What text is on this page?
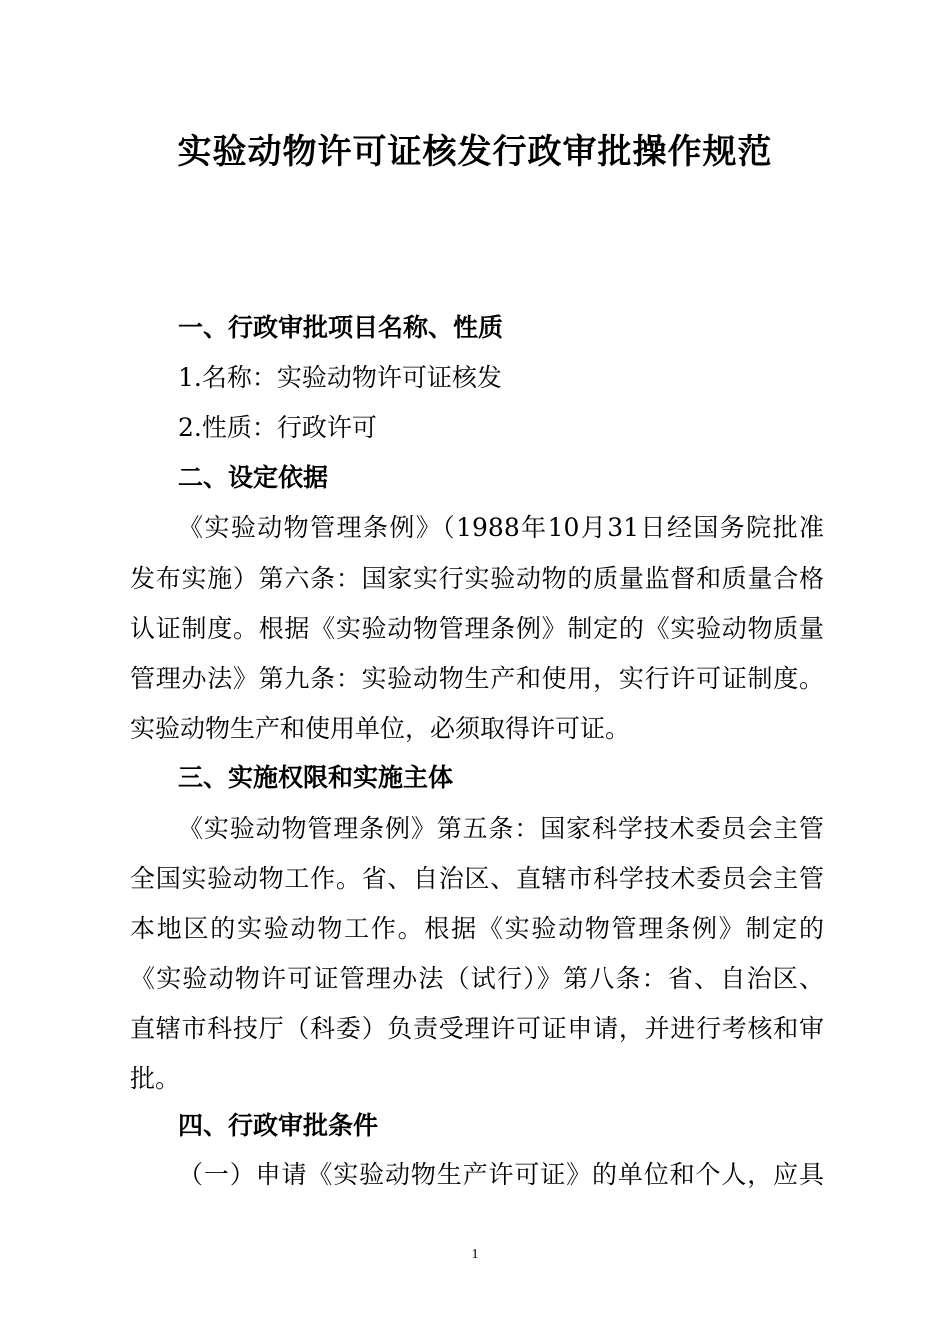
实验动物许可证核发行政审批操作规范

一、行政审批项目名称、性质

1.名称：实验动物许可证核发

2.性质：行政许可

二、设定依据

《实验动物管理条例》（1988年10月31日经国务院批准

发布实施）第六条：国家实行实验动物的质量监督和质量合格

认证制度。根据《实验动物管理条例》制定的《实验动物质量

管理办法》第九条：实验动物生产和使用，实行许可证制度。

实验动物生产和使用单位，必须取得许可证。

三、实施权限和实施主体

《实验动物管理条例》第五条：国家科学技术委员会主管

全国实验动物工作。省、自治区、直辖市科学技术委员会主管

本地区的实验动物工作。根据《实验动物管理条例》制定的

《实验动物许可证管理办法（试行）》第八条：省、自治区、

直辖市科技厅（科委）负责受理许可证申请，并进行考核和审

批。

四、行政审批条件

（一）申请《实验动物生产许可证》的单位和个人，应具

1
